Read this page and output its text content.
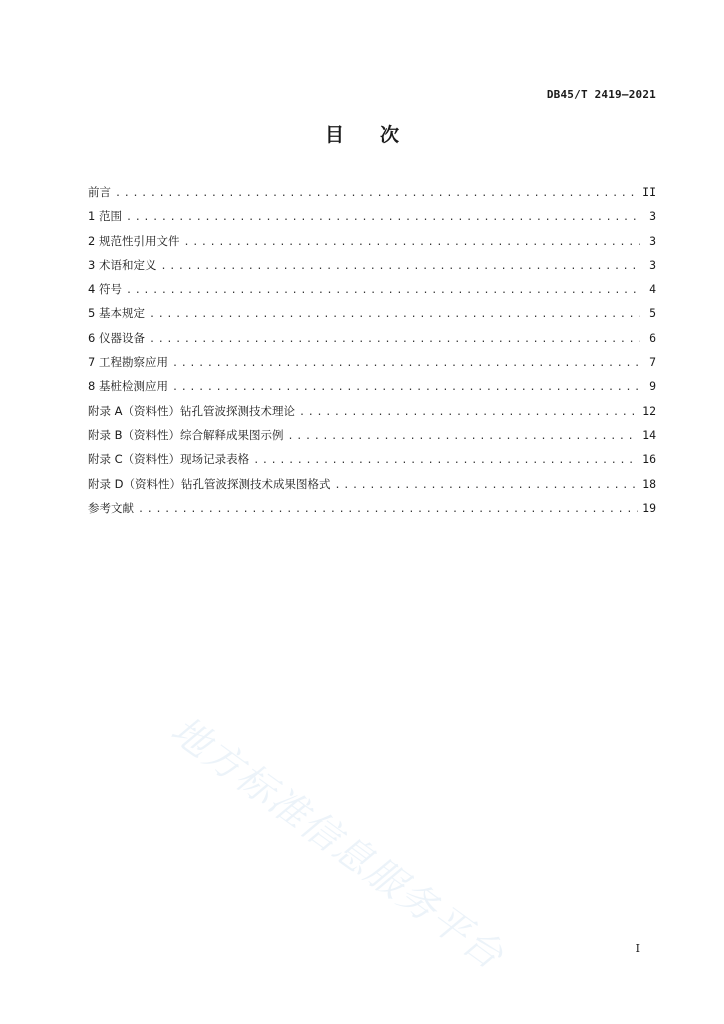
DB45/T 2419—2021
目次
前言 .....	II
1 范围 .....	3
2 规范性引用文件 .....	3
3 术语和定义 .....	3
4 符号 .....	4
5 基本规定 .....	5
6 仪器设备 .....	6
7 工程勘察应用 .....	7
8 基桩检测应用 .....	9
附录 A（资料性）钻孔管波探测技术理论 .....	12
附录 B（资料性）综合解释成果图示例 .....	14
附录 C（资料性）现场记录表格 .....	16
附录 D（资料性）钻孔管波探测技术成果图格式 .....	18
参考文献 .....	19
地方标准信息服务平台	I
